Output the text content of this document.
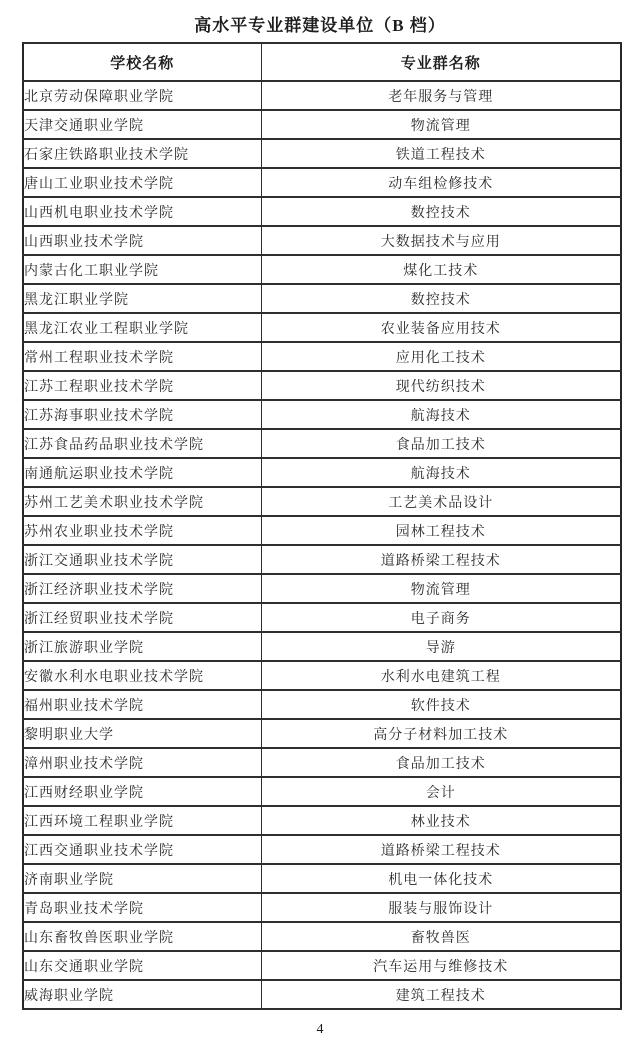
高水平专业群建设单位（B 档）
学校名称	专业群名称
北京劳动保障职业学院	老年服务与管理
天津交通职业学院	物流管理
石家庄铁路职业技术学院	铁道工程技术
唐山工业职业技术学院	动车组检修技术
山西机电职业技术学院	数控技术
山西职业技术学院	大数据技术与应用
内蒙古化工职业学院	煤化工技术
黑龙江职业学院	数控技术
黑龙江农业工程职业学院	农业装备应用技术
常州工程职业技术学院	应用化工技术
江苏工程职业技术学院	现代纺织技术
江苏海事职业技术学院	航海技术
江苏食品药品职业技术学院	食品加工技术
南通航运职业技术学院	航海技术
苏州工艺美术职业技术学院	工艺美术品设计
苏州农业职业技术学院	园林工程技术
浙江交通职业技术学院	道路桥梁工程技术
浙江经济职业技术学院	物流管理
浙江经贸职业技术学院	电子商务
浙江旅游职业学院	导游
安徽水利水电职业技术学院	水利水电建筑工程
福州职业技术学院	软件技术
黎明职业大学	高分子材料加工技术
漳州职业技术学院	食品加工技术
江西财经职业学院	会计
江西环境工程职业学院	林业技术
江西交通职业技术学院	道路桥梁工程技术
济南职业学院	机电一体化技术
青岛职业技术学院	服装与服饰设计
山东畜牧兽医职业学院	畜牧兽医
山东交通职业学院	汽车运用与维修技术
威海职业学院	建筑工程技术
4
